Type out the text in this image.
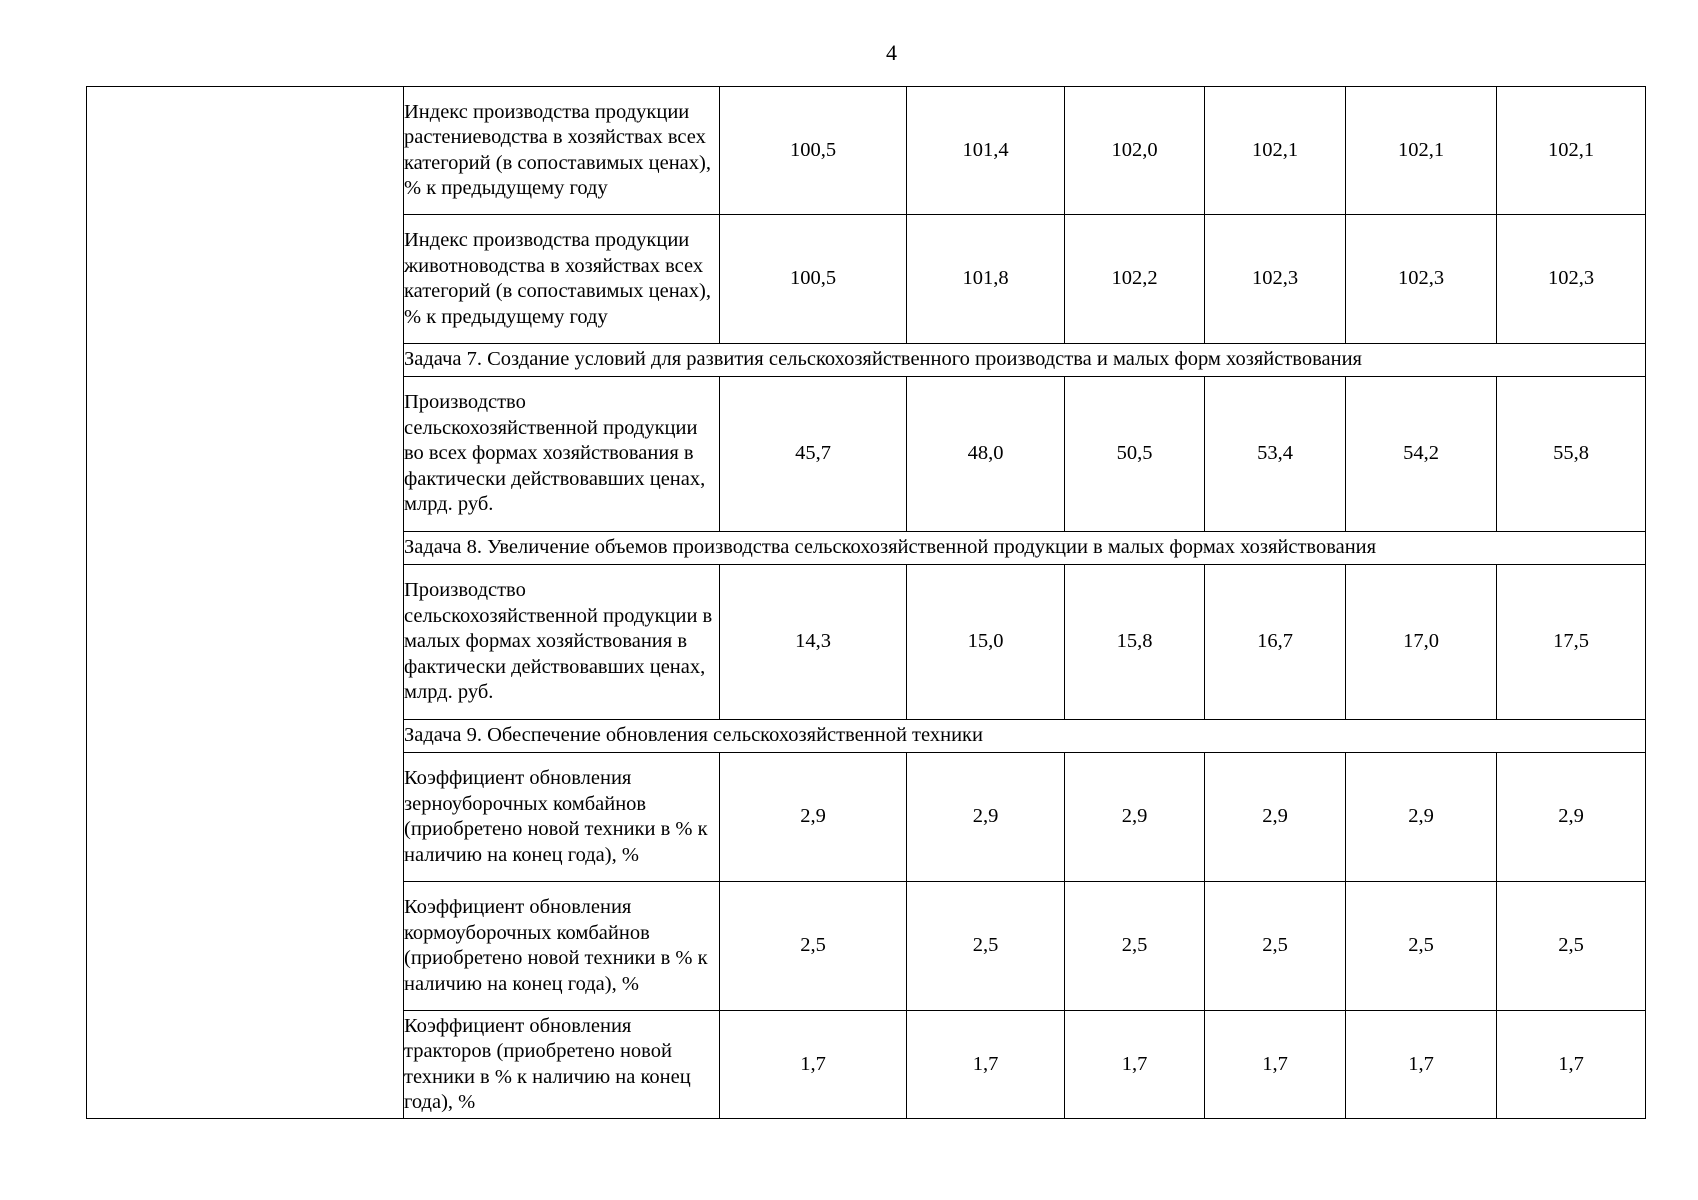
4
	Индекс производства продукции растениеводства в хозяйствах всех категорий (в сопоставимых ценах), % к предыдущему году	100,5	101,4	102,0	102,1	102,1	102,1
	Индекс производства продукции животноводства в хозяйствах всех категорий (в сопоставимых ценах), % к предыдущему году	100,5	101,8	102,2	102,3	102,3	102,3
	Задача 7. Создание условий для развития сельскохозяйственного производства и малых форм хозяйствования						
	Производство сельскохозяйственной продукции во всех формах хозяйствования в фактически действовавших ценах, млрд. руб.	45,7	48,0	50,5	53,4	54,2	55,8
	Задача 8. Увеличение объемов производства сельскохозяйственной продукции в малых формах хозяйствования						
	Производство сельскохозяйственной продукции в малых формах хозяйствования в фактически действовавших ценах, млрд. руб.	14,3	15,0	15,8	16,7	17,0	17,5
	Задача 9. Обеспечение обновления сельскохозяйственной техники						
	Коэффициент обновления зерноуборочных комбайнов (приобретено новой техники в % к наличию на конец года), %	2,9	2,9	2,9	2,9	2,9	2,9
	Коэффициент обновления кормоуборочных комбайнов (приобретено новой техники в % к наличию на конец года), %	2,5	2,5	2,5	2,5	2,5	2,5
	Коэффициент обновления тракторов (приобретено новой техники в % к наличию на конец года), %	1,7	1,7	1,7	1,7	1,7	1,7
